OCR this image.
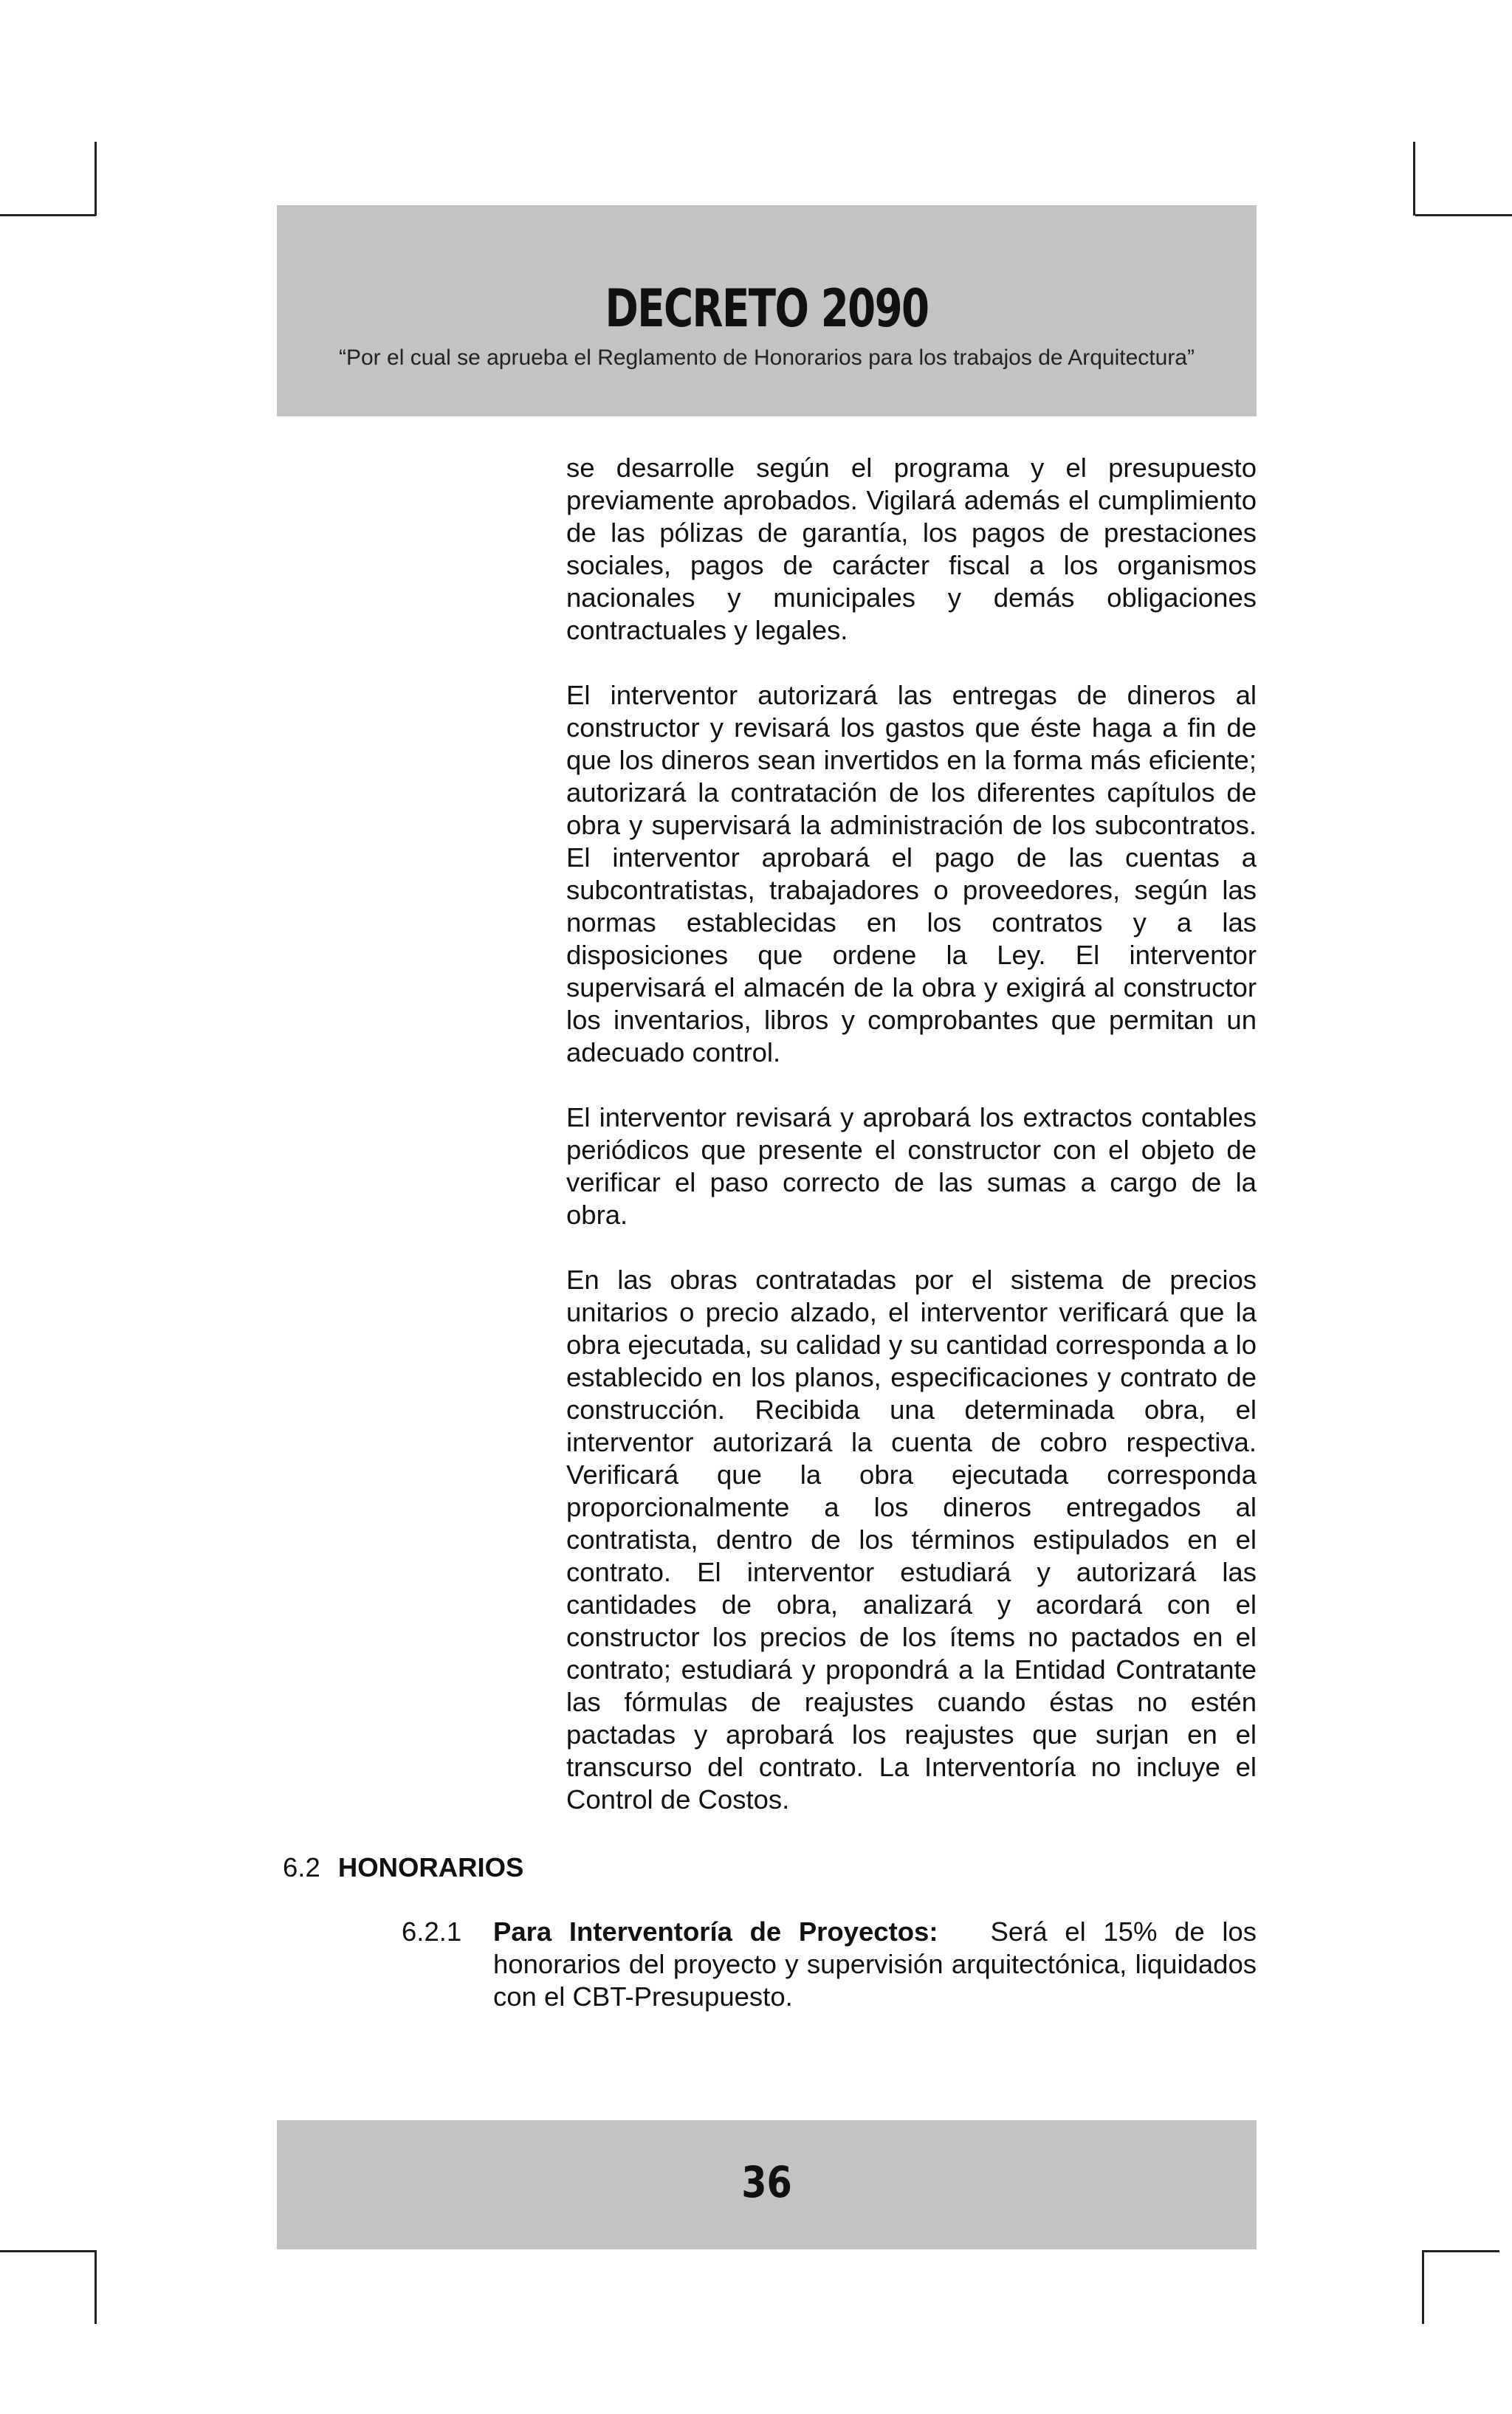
DECRETO 2090
“Por el cual se aprueba el Reglamento de Honorarios para los trabajos de Arquitectura”

se desarrolle según el programa y el presupuesto previamente aprobados. Vigilará además el cumplimiento de las pólizas de garantía, los pagos de prestaciones sociales, pagos de carácter fiscal a los organismos nacionales y municipales y demás obligaciones contractuales y legales.

El interventor autorizará las entregas de dineros al constructor y revisará los gastos que éste haga a fin de que los dineros sean invertidos en la forma más eficiente; autorizará la contratación de los diferentes capítulos de obra y supervisará la administración de los subcontratos. El interventor aprobará el pago de las cuentas a subcontratistas, trabajadores o proveedores, según las normas establecidas en los contratos y a las disposiciones que ordene la Ley. El interventor supervisará el almacén de la obra y exigirá al constructor los inventarios, libros y comprobantes que permitan un adecuado control.

El interventor revisará y aprobará los extractos contables periódicos que presente el constructor con el objeto de verificar el paso correcto de las sumas a cargo de la obra.

En las obras contratadas por el sistema de precios unitarios o precio alzado, el interventor verificará que la obra ejecutada, su calidad y su cantidad corresponda a lo establecido en los planos, especificaciones y contrato de construcción. Recibida una determinada obra, el interventor autorizará la cuenta de cobro respectiva. Verificará que la obra ejecutada corresponda proporcionalmente a los dineros entregados al contratista, dentro de los términos estipulados en el contrato. El interventor estudiará y autorizará las cantidades de obra, analizará y acordará con el constructor los precios de los ítems no pactados en el contrato; estudiará y propondrá a la Entidad Contratante las fórmulas de reajustes cuando éstas no estén pactadas y aprobará los reajustes que surjan en el transcurso del contrato. La Interventoría no incluye el Control de Costos.

6.2 HONORARIOS
6.2.1 Para Interventoría de Proyectos: Será el 15% de los honorarios del proyecto y supervisión arquitectónica, liquidados con el CBT-Presupuesto.
36
